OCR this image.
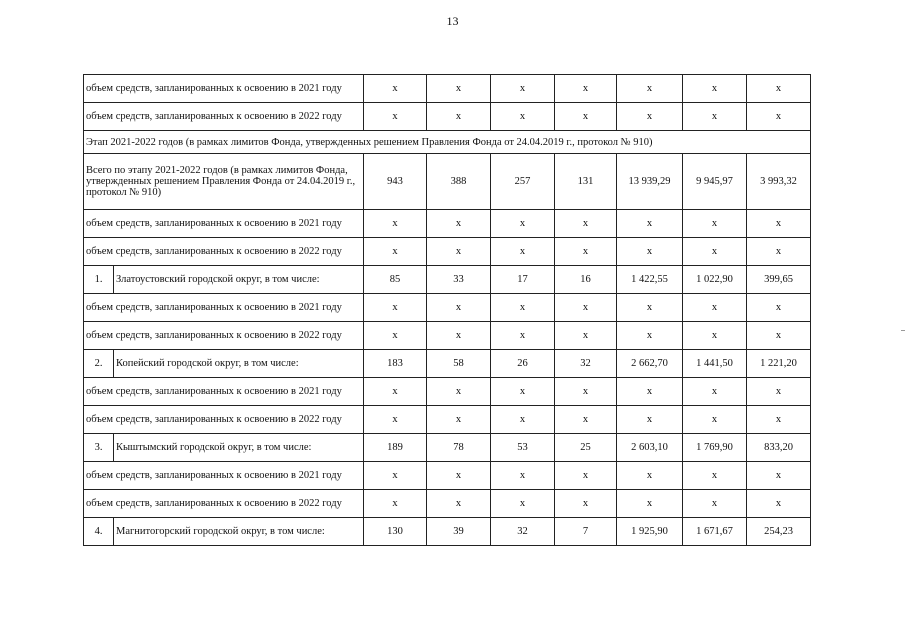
13
объем средств, запланированных к освоению в 2021 году		х	х	х	х	х	х	х
объем средств, запланированных к освоению в 2022 году		х	х	х	х	х	х	х
Этап 2021-2022 годов (в рамках лимитов Фонда, утвержденных решением Правления Фонда от 24.04.2019 г., протокол № 910)								
Всего по этапу 2021-2022 годов (в рамках лимитов Фонда, утвержденных решением Правления Фонда от 24.04.2019 г., протокол № 910)		943	388	257	131	13 939,29	9 945,97	3 993,32
объем средств, запланированных к освоению в 2021 году		х	х	х	х	х	х	х
объем средств, запланированных к освоению в 2022 году		х	х	х	х	х	х	х
1.	Златоустовский городской округ, в том числе:	85	33	17	16	1 422,55	1 022,90	399,65
объем средств, запланированных к освоению в 2021 году		х	х	х	х	х	х	х
объем средств, запланированных к освоению в 2022 году		х	х	х	х	х	х	х
2.	Копейский городской округ, в том числе:	183	58	26	32	2 662,70	1 441,50	1 221,20
объем средств, запланированных к освоению в 2021 году		х	х	х	х	х	х	х
объем средств, запланированных к освоению в 2022 году		х	х	х	х	х	х	х
3.	Кыштымский городской округ, в том числе:	189	78	53	25	2 603,10	1 769,90	833,20
объем средств, запланированных к освоению в 2021 году		х	х	х	х	х	х	х
объем средств, запланированных к освоению в 2022 году		х	х	х	х	х	х	х
4.	Магнитогорский городской округ, в том числе:	130	39	32	7	1 925,90	1 671,67	254,23
